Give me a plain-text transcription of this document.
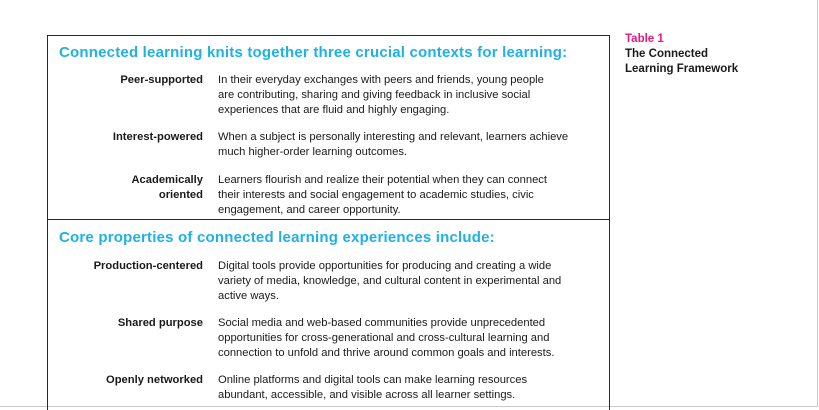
Connected learning knits together three crucial contexts for learning:
Peer-supported In their everyday exchanges with peers and friends, young people
are contributing, sharing and giving feedback in inclusive social
experiences that are fluid and highly engaging.
Interest-powered When a subject is personally interesting and relevant, learners achieve
much higher-order learning outcomes.
Academically
oriented
Learners flourish and realize their potential when they can connect
their interests and social engagement to academic studies, civic
engagement, and career opportunity.
Core properties of connected learning experiences include:
Production-centered Digital tools provide opportunities for producing and creating a wide
variety of media, knowledge, and cultural content in experimental and
active ways.
Shared purpose Social media and web-based communities provide unprecedented
opportunities for cross-generational and cross-cultural learning and
connection to unfold and thrive around common goals and interests.
Openly networked Online platforms and digital tools can make learning resources
abundant, accessible, and visible across all learner settings.
Table 1
The Connected
Learning Framework
